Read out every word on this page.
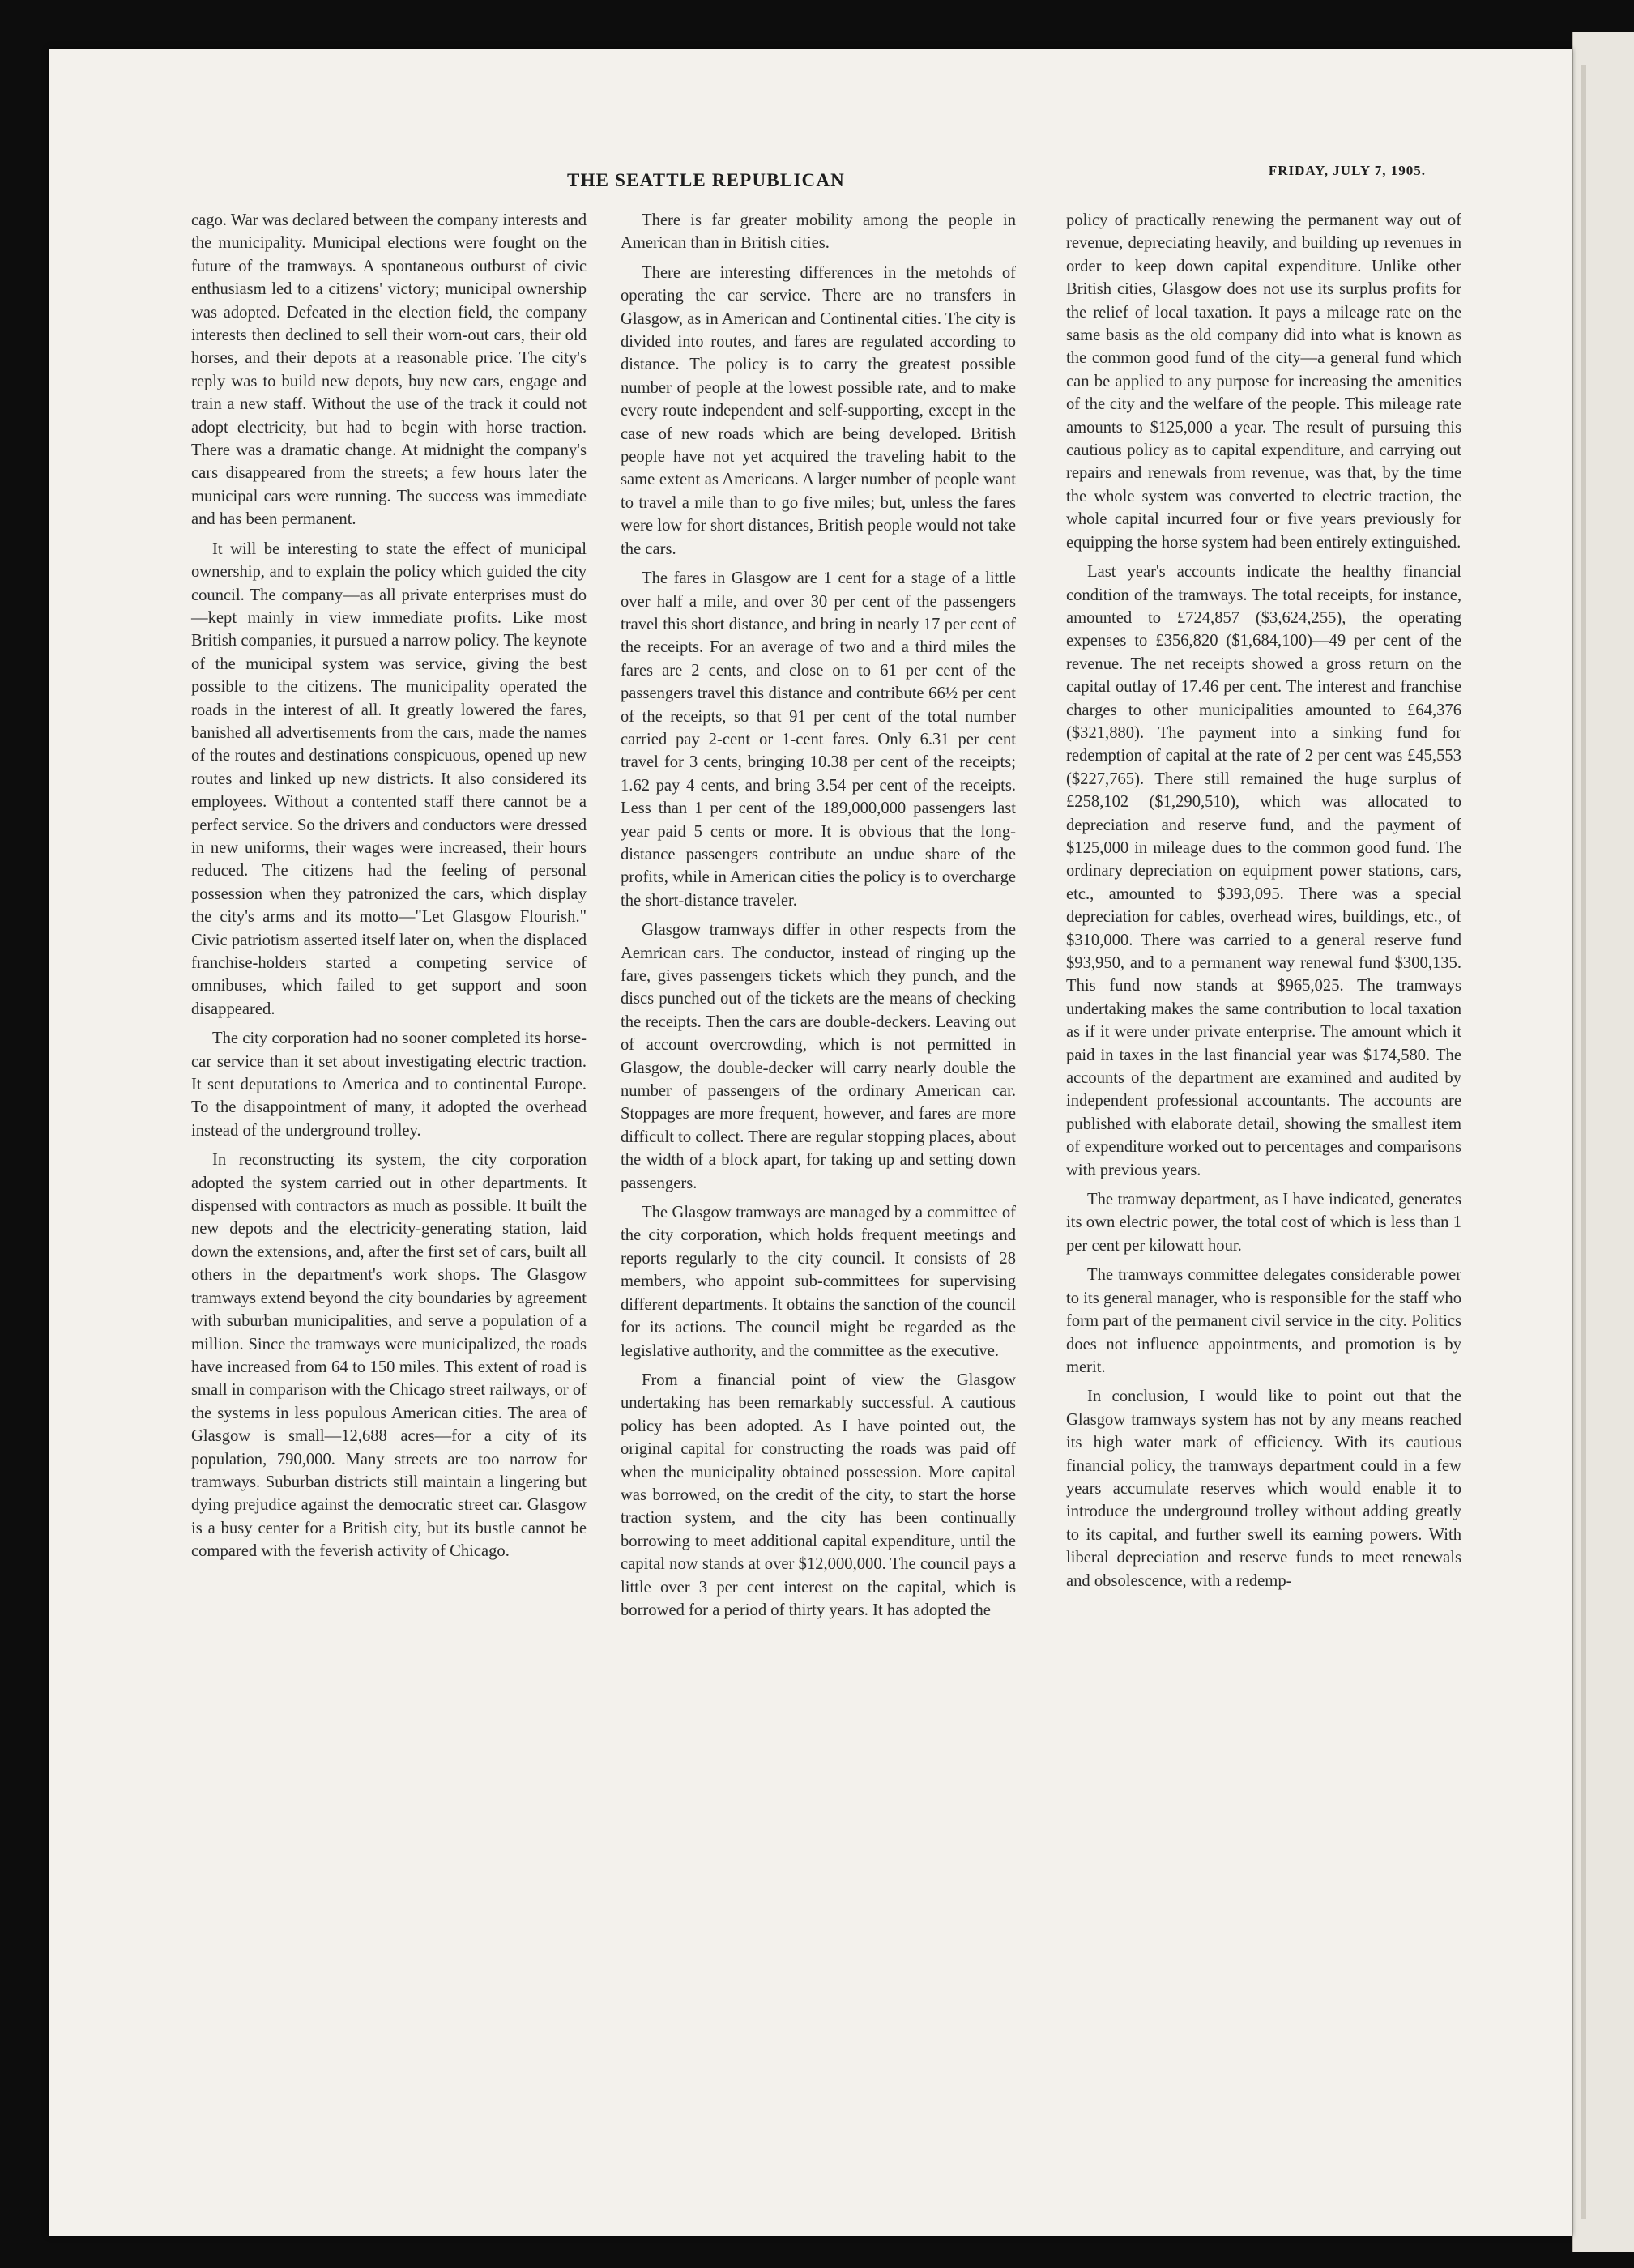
THE SEATTLE REPUBLICAN	FRIDAY, JULY 7, 1905.

cago. War was declared between the company interests and the municipality. Municipal elections were fought on the future of the tramways. A spontaneous outburst of civic enthusiasm led to a citizens' victory; municipal ownership was adopted. Defeated in the election field, the company interests then declined to sell their worn-out cars, their old horses, and their depots at a reasonable price. The city's reply was to build new depots, buy new cars, engage and train a new staff. Without the use of the track it could not adopt electricity, but had to begin with horse traction. There was a dramatic change. At midnight the company's cars disappeared from the streets; a few hours later the municipal cars were running. The success was immediate and has been permanent.

It will be interesting to state the effect of municipal ownership, and to explain the policy which guided the city council. The company—as all private enterprises must do—kept mainly in view immediate profits. Like most British companies, it pursued a narrow policy. The keynote of the municipal system was service, giving the best possible to the citizens. The municipality operated the roads in the interest of all. It greatly lowered the fares, banished all advertisements from the cars, made the names of the routes and destinations conspicuous, opened up new routes and linked up new districts. It also considered its employees. Without a contented staff there cannot be a perfect service. So the drivers and conductors were dressed in new uniforms, their wages were increased, their hours reduced. The citizens had the feeling of personal possession when they patronized the cars, which display the city's arms and its motto—"Let Glasgow Flourish." Civic patriotism asserted itself later on, when the displaced franchise-holders started a competing service of omnibuses, which failed to get support and soon disappeared.

The city corporation had no sooner completed its horse-car service than it set about investigating electric traction. It sent deputations to America and to continental Europe. To the disappointment of many, it adopted the overhead instead of the underground trolley.

In reconstructing its system, the city corporation adopted the system carried out in other departments. It dispensed with contractors as much as possible. It built the new depots and the electricity-generating station, laid down the extensions, and, after the first set of cars, built all others in the department's work shops. The Glasgow tramways extend beyond the city boundaries by agreement with suburban municipalities, and serve a population of a million. Since the tramways were municipalized, the roads have increased from 64 to 150 miles. This extent of road is small in comparison with the Chicago street railways, or of the systems in less populous American cities. The area of Glasgow is small—12,688 acres—for a city of its population, 790,000. Many streets are too narrow for tramways. Suburban districts still maintain a lingering but dying prejudice against the democratic street car. Glasgow is a busy center for a British city, but its bustle cannot be compared with the feverish activity of Chicago.

There is far greater mobility among the people in American than in British cities.

There are interesting differences in the metohds of operating the car service. There are no transfers in Glasgow, as in American and Continental cities. The city is divided into routes, and fares are regulated according to distance. The policy is to carry the greatest possible number of people at the lowest possible rate, and to make every route independent and self-supporting, except in the case of new roads which are being developed. British people have not yet acquired the traveling habit to the same extent as Americans. A larger number of people want to travel a mile than to go five miles; but, unless the fares were low for short distances, British people would not take the cars.

The fares in Glasgow are 1 cent for a stage of a little over half a mile, and over 30 per cent of the passengers travel this short distance, and bring in nearly 17 per cent of the receipts. For an average of two and a third miles the fares are 2 cents, and close on to 61 per cent of the passengers travel this distance and contribute 66½ per cent of the receipts, so that 91 per cent of the total number carried pay 2-cent or 1-cent fares. Only 6.31 per cent travel for 3 cents, bringing 10.38 per cent of the receipts; 1.62 pay 4 cents, and bring 3.54 per cent of the receipts. Less than 1 per cent of the 189,000,000 passengers last year paid 5 cents or more. It is obvious that the long-distance passengers contribute an undue share of the profits, while in American cities the policy is to overcharge the short-distance traveler.

Glasgow tramways differ in other respects from the Aemrican cars. The conductor, instead of ringing up the fare, gives passengers tickets which they punch, and the discs punched out of the tickets are the means of checking the receipts. Then the cars are double-deckers. Leaving out of account overcrowding, which is not permitted in Glasgow, the double-decker will carry nearly double the number of passengers of the ordinary American car. Stoppages are more frequent, however, and fares are more difficult to collect. There are regular stopping places, about the width of a block apart, for taking up and setting down passengers.

The Glasgow tramways are managed by a committee of the city corporation, which holds frequent meetings and reports regularly to the city council. It consists of 28 members, who appoint sub-committees for supervising different departments. It obtains the sanction of the council for its actions. The council might be regarded as the legislative authority, and the committee as the executive.

From a financial point of view the Glasgow undertaking has been remarkably successful. A cautious policy has been adopted. As I have pointed out, the original capital for constructing the roads was paid off when the municipality obtained possession. More capital was borrowed, on the credit of the city, to start the horse traction system, and the city has been continually borrowing to meet additional capital expenditure, until the capital now stands at over $12,000,000. The council pays a little over 3 per cent interest on the capital, which is borrowed for a period of thirty years. It has adopted the

policy of practically renewing the permanent way out of revenue, depreciating heavily, and building up revenues in order to keep down capital expenditure. Unlike other British cities, Glasgow does not use its surplus profits for the relief of local taxation. It pays a mileage rate on the same basis as the old company did into what is known as the common good fund of the city—a general fund which can be applied to any purpose for increasing the amenities of the city and the welfare of the people. This mileage rate amounts to $125,000 a year. The result of pursuing this cautious policy as to capital expenditure, and carrying out repairs and renewals from revenue, was that, by the time the whole system was converted to electric traction, the whole capital incurred four or five years previously for equipping the horse system had been entirely extinguished.

Last year's accounts indicate the healthy financial condition of the tramways. The total receipts, for instance, amounted to £724,857 ($3,624,255), the operating expenses to £356,820 ($1,684,100)—49 per cent of the revenue. The net receipts showed a gross return on the capital outlay of 17.46 per cent. The interest and franchise charges to other municipalities amounted to £64,376 ($321,880). The payment into a sinking fund for redemption of capital at the rate of 2 per cent was £45,553 ($227,765). There still remained the huge surplus of £258,102 ($1,290,510), which was allocated to depreciation and reserve fund, and the payment of $125,000 in mileage dues to the common good fund. The ordinary depreciation on equipment power stations, cars, etc., amounted to $393,095. There was a special depreciation for cables, overhead wires, buildings, etc., of $310,000. There was carried to a general reserve fund $93,950, and to a permanent way renewal fund $300,135. This fund now stands at $965,025. The tramways undertaking makes the same contribution to local taxation as if it were under private enterprise. The amount which it paid in taxes in the last financial year was $174,580. The accounts of the department are examined and audited by independent professional accountants. The accounts are published with elaborate detail, showing the smallest item of expenditure worked out to percentages and comparisons with previous years.

The tramway department, as I have indicated, generates its own electric power, the total cost of which is less than 1 per cent per kilowatt hour.

The tramways committee delegates considerable power to its general manager, who is responsible for the staff who form part of the permanent civil service in the city. Politics does not influence appointments, and promotion is by merit.

In conclusion, I would like to point out that the Glasgow tramways system has not by any means reached its high water mark of efficiency. With its cautious financial policy, the tramways department could in a few years accumulate reserves which would enable it to introduce the underground trolley without adding greatly to its capital, and further swell its earning powers. With liberal depreciation and reserve funds to meet renewals and obsolescence, with a redemp-
